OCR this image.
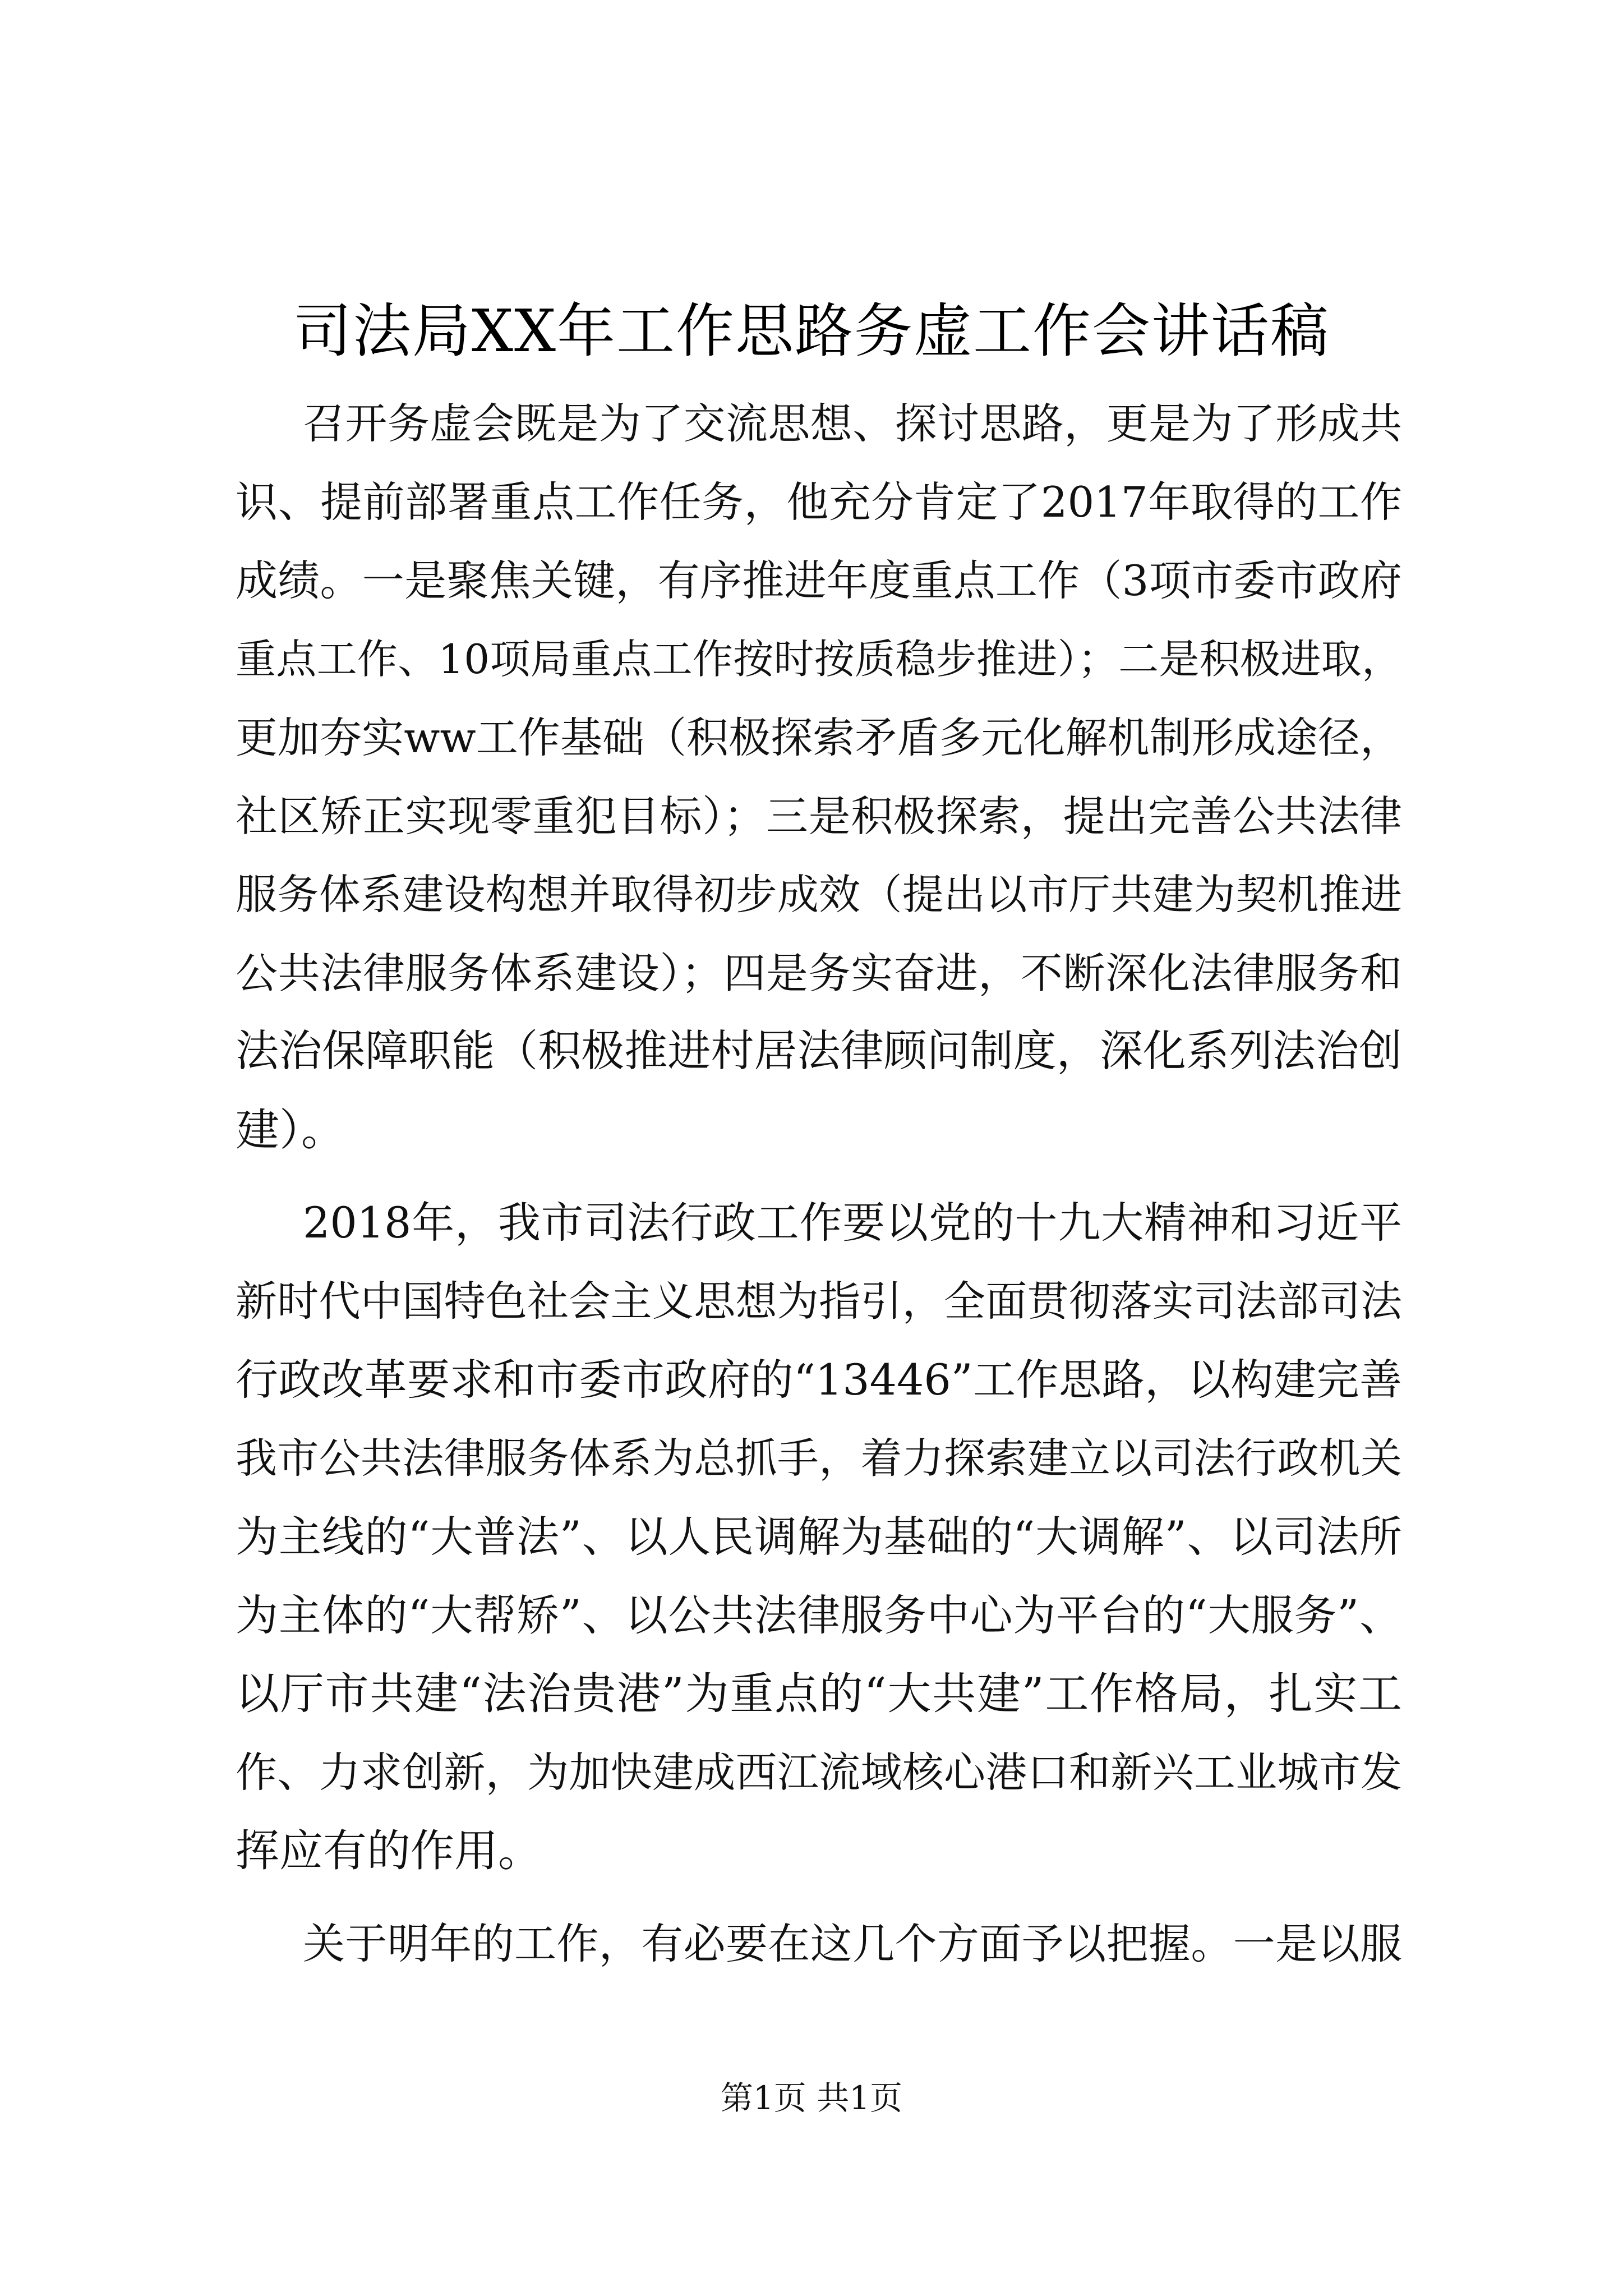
司法局XX年工作思路务虚工作会讲话稿
召开务虚会既是为了交流思想、探讨思路，更是为了形成共
识、提前部署重点工作任务，他充分肯定了2017年取得的工作
成绩。一是聚焦关键，有序推进年度重点工作（3项市委市政府
重点工作、10项局重点工作按时按质稳步推进）；二是积极进取，
更加夯实ww工作基础（积极探索矛盾多元化解机制形成途径，
社区矫正实现零重犯目标）；三是积极探索，提出完善公共法律
服务体系建设构想并取得初步成效（提出以市厅共建为契机推进
公共法律服务体系建设）；四是务实奋进，不断深化法律服务和
法治保障职能（积极推进村居法律顾问制度，深化系列法治创
建）。
2018年，我市司法行政工作要以党的十九大精神和习近平
新时代中国特色社会主义思想为指引，全面贯彻落实司法部司法
行政改革要求和市委市政府的“13446”工作思路，以构建完善
我市公共法律服务体系为总抓手，着力探索建立以司法行政机关
为主线的“大普法”、以人民调解为基础的“大调解”、以司法所
为主体的“大帮矫”、以公共法律服务中心为平台的“大服务”、
以厅市共建“法治贵港”为重点的“大共建”工作格局，扎实工
作、力求创新，为加快建成西江流域核心港口和新兴工业城市发
挥应有的作用。
关于明年的工作，有必要在这几个方面予以把握。一是以服
第1页 共1页
